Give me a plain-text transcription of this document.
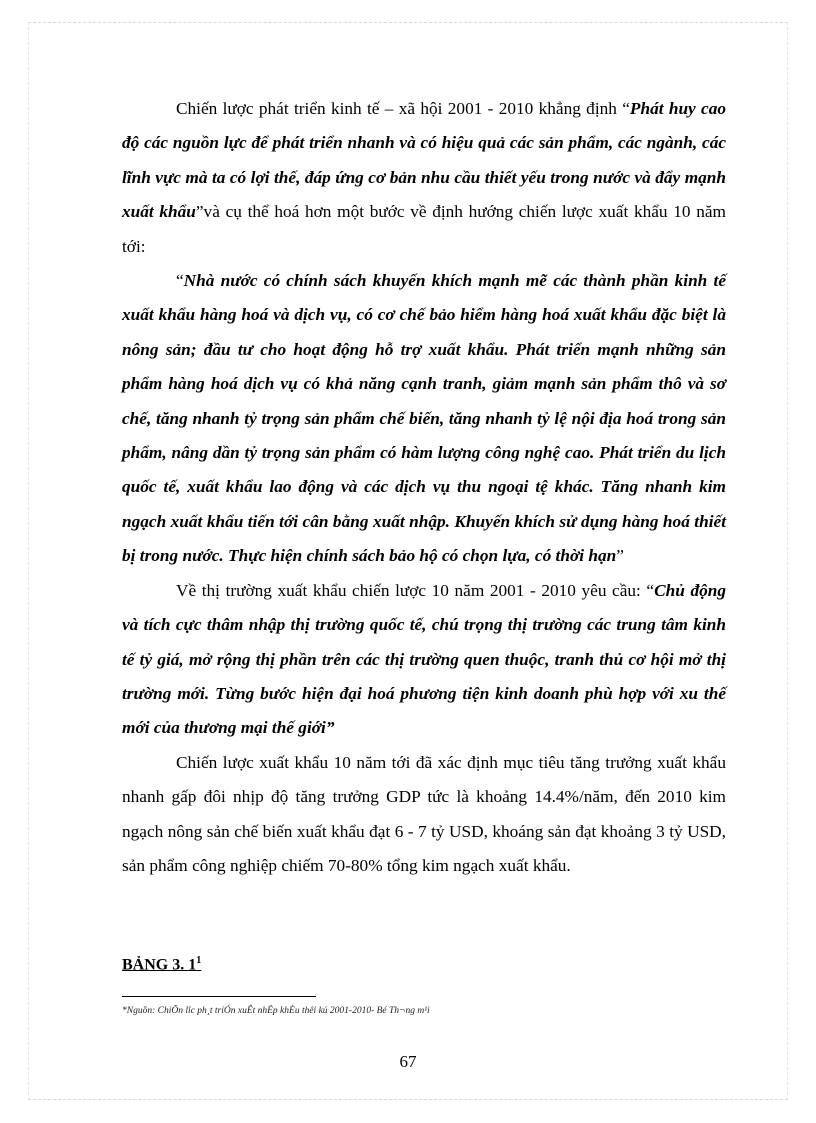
Chiến lược phát triển kinh tế – xã hội 2001 - 2010 khẳng định “Phát huy cao độ các nguồn lực để phát triển nhanh và có hiệu quả các sản phẩm, các ngành, các lĩnh vực mà ta có lợi thế, đáp ứng cơ bản nhu cầu thiết yếu trong nước và đẩy mạnh xuất khẩu”và cụ thể hoá hơn một bước về định hướng chiến lược xuất khẩu 10 năm tới:

“Nhà nước có chính sách khuyến khích mạnh mẽ các thành phần kinh tế xuất khẩu hàng hoá và dịch vụ, có cơ chế bảo hiểm hàng hoá xuất khẩu đặc biệt là nông sản; đầu tư cho hoạt động hỗ trợ xuất khẩu. Phát triển mạnh những sản phẩm hàng hoá dịch vụ có khả năng cạnh tranh, giảm mạnh sản phẩm thô và sơ chế, tăng nhanh tỷ trọng sản phẩm chế biến, tăng nhanh tỷ lệ nội địa hoá trong sản phẩm, nâng dần tỷ trọng sản phẩm có hàm lượng công nghệ cao. Phát triển du lịch quốc tế, xuất khẩu lao động và các dịch vụ thu ngoại tệ khác. Tăng nhanh kim ngạch xuất khẩu tiến tới cân bằng xuất nhập. Khuyến khích sử dụng hàng hoá thiết bị trong nước. Thực hiện chính sách bảo hộ có chọn lựa, có thời hạn”

Về thị trường xuất khẩu chiến lược 10 năm 2001 - 2010 yêu cầu: “Chủ động và tích cực thâm nhập thị trường quốc tế, chú trọng thị trường các trung tâm kinh tế tỷ giá, mở rộng thị phần trên các thị trường quen thuộc, tranh thủ cơ hội mở thị trường mới. Từng bước hiện đại hoá phương tiện kinh doanh phù hợp với xu thế mới của thương mại thế giới”

Chiến lược xuất khẩu 10 năm tới đã xác định mục tiêu tăng trưởng xuất khẩu nhanh gấp đôi nhịp độ tăng trưởng GDP tức là khoảng 14.4%/năm, đến 2010 kim ngạch nông sản chế biến xuất khẩu đạt 6 - 7 tỷ USD, khoáng sản đạt khoảng 3 tỷ USD, sản phẩm công nghiệp chiếm 70-80% tổng kim ngạch xuất khẩu.

BẢNG 3. $1^1$
*Nguồn: ChiÕn lîc ph¸t triÓn xuÊt nhËp khÈu thêi kú 2001-2010- Bé Th¬ng m¹i
67
